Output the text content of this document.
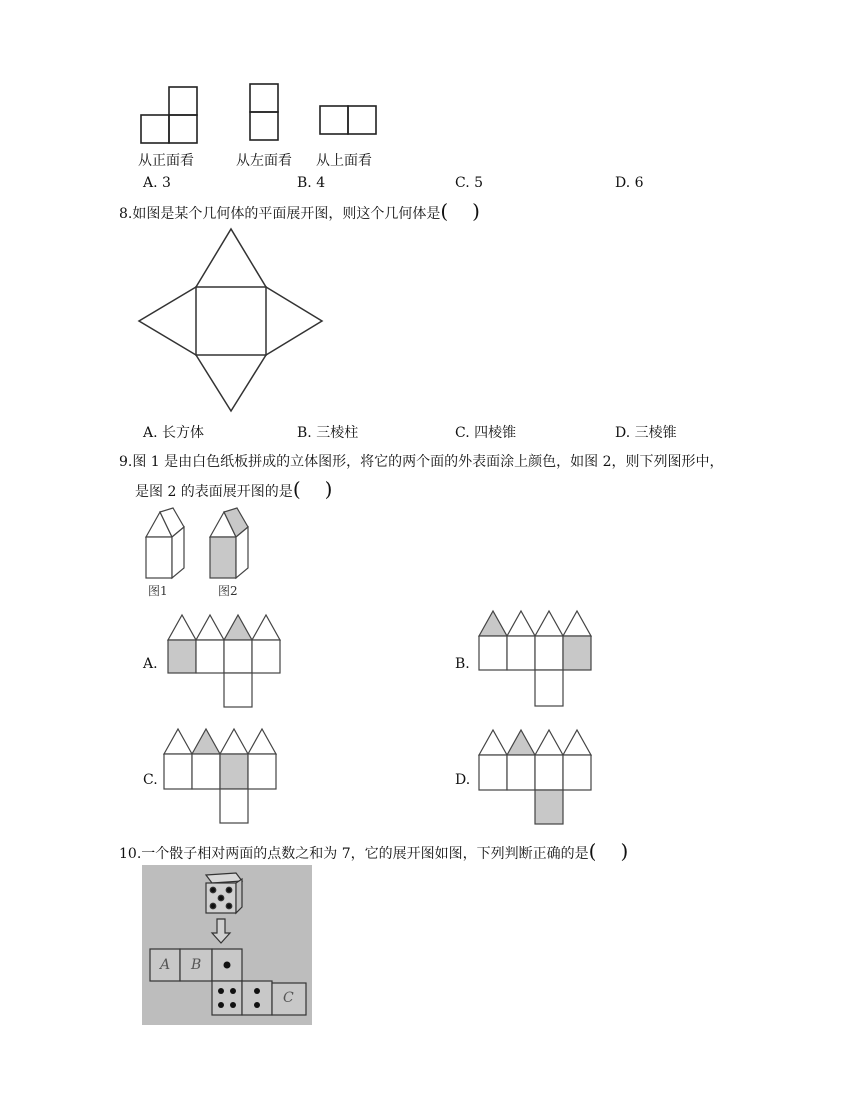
从正面看	从左面看 从上面看
A. 3	B. 4	C. 5	D. 6
8.如图是某个几何体的平面展开图，则这个几何体是( )
A. 长方体	B. 三棱柱	C. 四棱锥	D. 三棱锥
9.图 1 是由白色纸板拼成的立体图形，将它的两个面的外表面涂上颜色，如图 2，则下列图形中，
是图 2 的表面展开图的是( )
图1	图2
A.	B.
C.	D.
10.一个骰子相对两面的点数之和为 7，它的展开图如图，下列判断正确的是( )
A B
C
